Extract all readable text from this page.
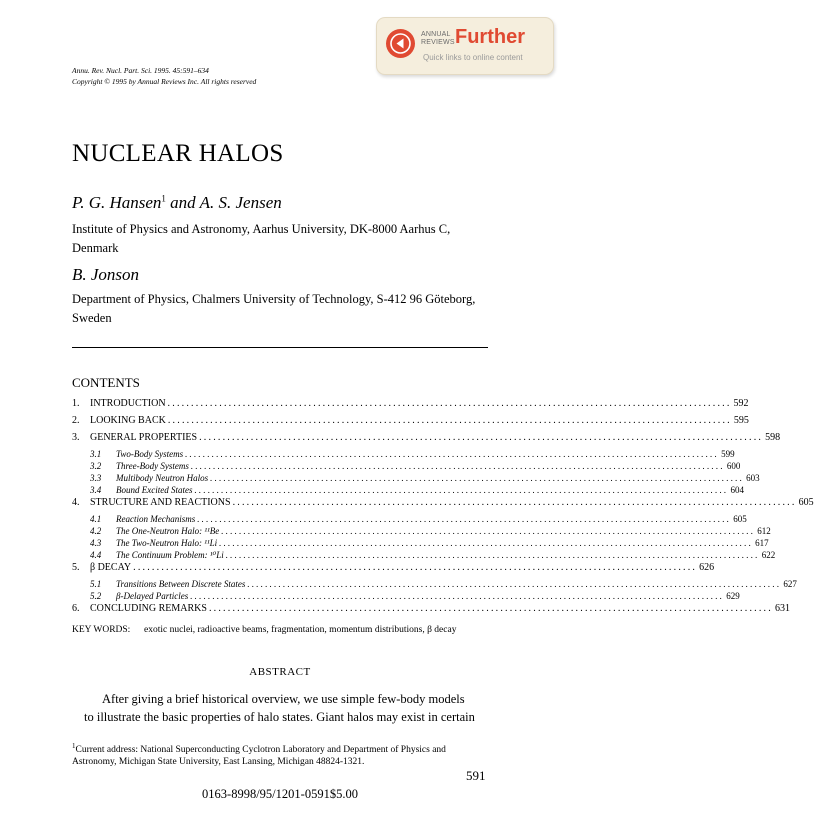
ANNUAL
REVIEWS Further
Quick links to online content
Annu. Rev. Nucl. Part. Sci. 1995. 45:591–634
Copyright © 1995 by Annual Reviews Inc. All rights reserved
NUCLEAR HALOS
P. G. Hansen$^1$ and A. S. Jensen
Institute of Physics and Astronomy, Aarhus University, DK-8000 Aarhus C, Denmark
B. Jonson
Department of Physics, Chalmers University of Technology, S-412 96 Göteborg, Sweden
CONTENTS
1.	INTRODUCTION ........................................................................................................................ 592
2.	LOOKING BACK ........................................................................................................................ 595
3.	GENERAL PROPERTIES ........................................................................................................................ 598
3.1	Two-Body Systems ........................................................................................................................ 599
3.2	Three-Body Systems ........................................................................................................................ 600
3.3	Multibody Neutron Halos ........................................................................................................................ 603
3.4	Bound Excited States ........................................................................................................................ 604
4.	STRUCTURE AND REACTIONS ........................................................................................................................ 605
4.1	Reaction Mechanisms ........................................................................................................................ 605
4.2	The One-Neutron Halo: ¹¹Be ........................................................................................................................ 612
4.3	The Two-Neutron Halo: ¹¹Li ........................................................................................................................ 617
4.4	The Continuum Problem: ¹⁰Li ........................................................................................................................ 622
5.	β DECAY ........................................................................................................................ 626
5.1	Transitions Between Discrete States ........................................................................................................................ 627
5.2	β-Delayed Particles ........................................................................................................................ 629
6.	CONCLUDING REMARKS ........................................................................................................................ 631
KEY WORDS: exotic nuclei, radioactive beams, fragmentation, momentum distributions, β decay
ABSTRACT
After giving a brief historical overview, we use simple few-body models to illustrate the basic properties of halo states. Giant halos may exist in certain
$^1$Current address: National Superconducting Cyclotron Laboratory and Department of Physics and Astronomy, Michigan State University, East Lansing, Michigan 48824-1321.
591
0163-8998/95/1201-0591$5.00
